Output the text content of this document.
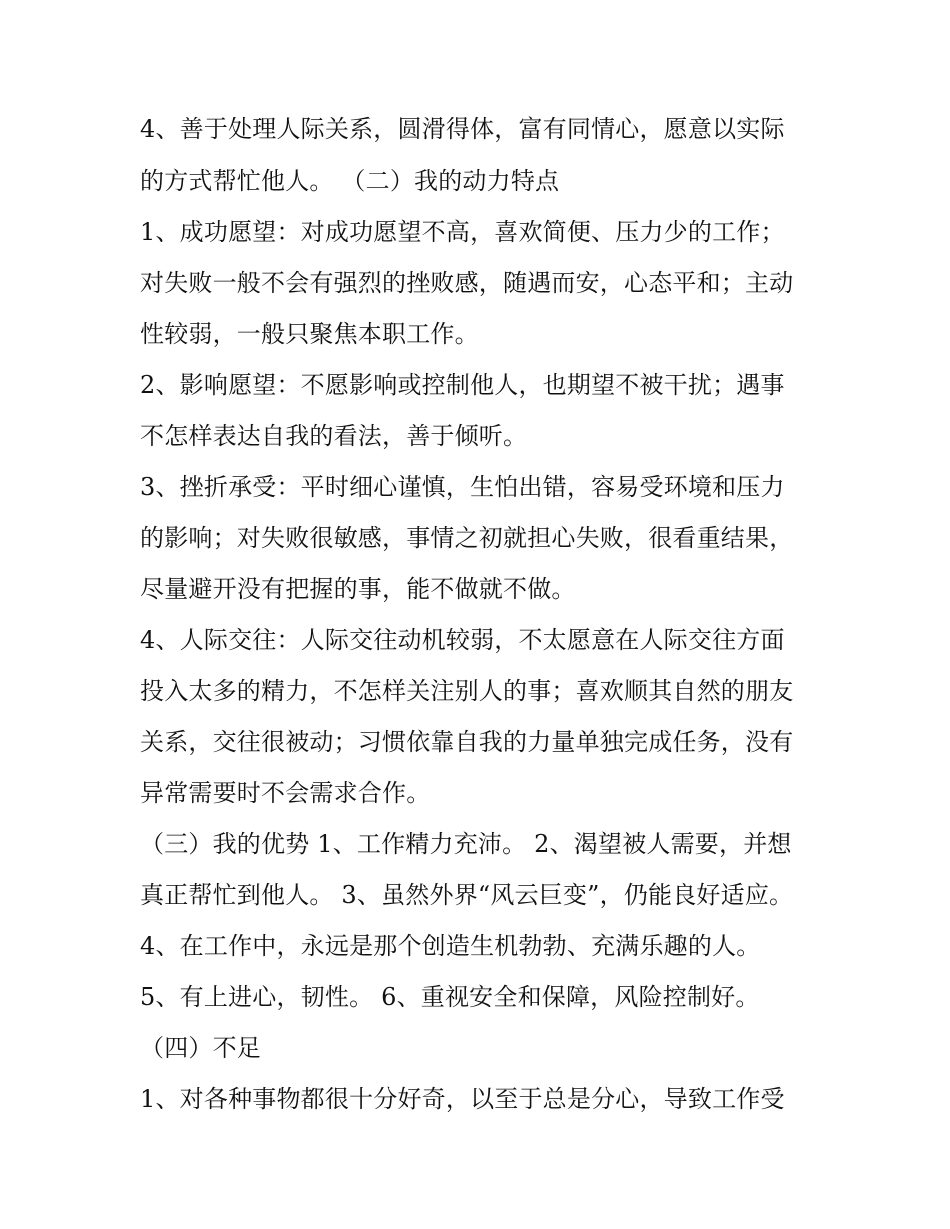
4、善于处理人际关系，圆滑得体，富有同情心，愿意以实际
的方式帮忙他人。 （二）我的动力特点
1、成功愿望：对成功愿望不高，喜欢简便、压力少的工作；
对失败一般不会有强烈的挫败感，随遇而安，心态平和；主动
性较弱，一般只聚焦本职工作。
2、影响愿望：不愿影响或控制他人，也期望不被干扰；遇事
不怎样表达自我的看法，善于倾听。
3、挫折承受：平时细心谨慎，生怕出错，容易受环境和压力
的影响；对失败很敏感，事情之初就担心失败，很看重结果，
尽量避开没有把握的事，能不做就不做。
4、人际交往：人际交往动机较弱，不太愿意在人际交往方面
投入太多的精力，不怎样关注别人的事；喜欢顺其自然的朋友
关系，交往很被动；习惯依靠自我的力量单独完成任务，没有
异常需要时不会需求合作。
（三）我的优势 1、工作精力充沛。 2、渴望被人需要，并想
真正帮忙到他人。 3、虽然外界“风云巨变”，仍能良好适应。
4、在工作中，永远是那个创造生机勃勃、充满乐趣的人。
5、有上进心，韧性。 6、重视安全和保障，风险控制好。
（四）不足
1、对各种事物都很十分好奇，以至于总是分心，导致工作受
